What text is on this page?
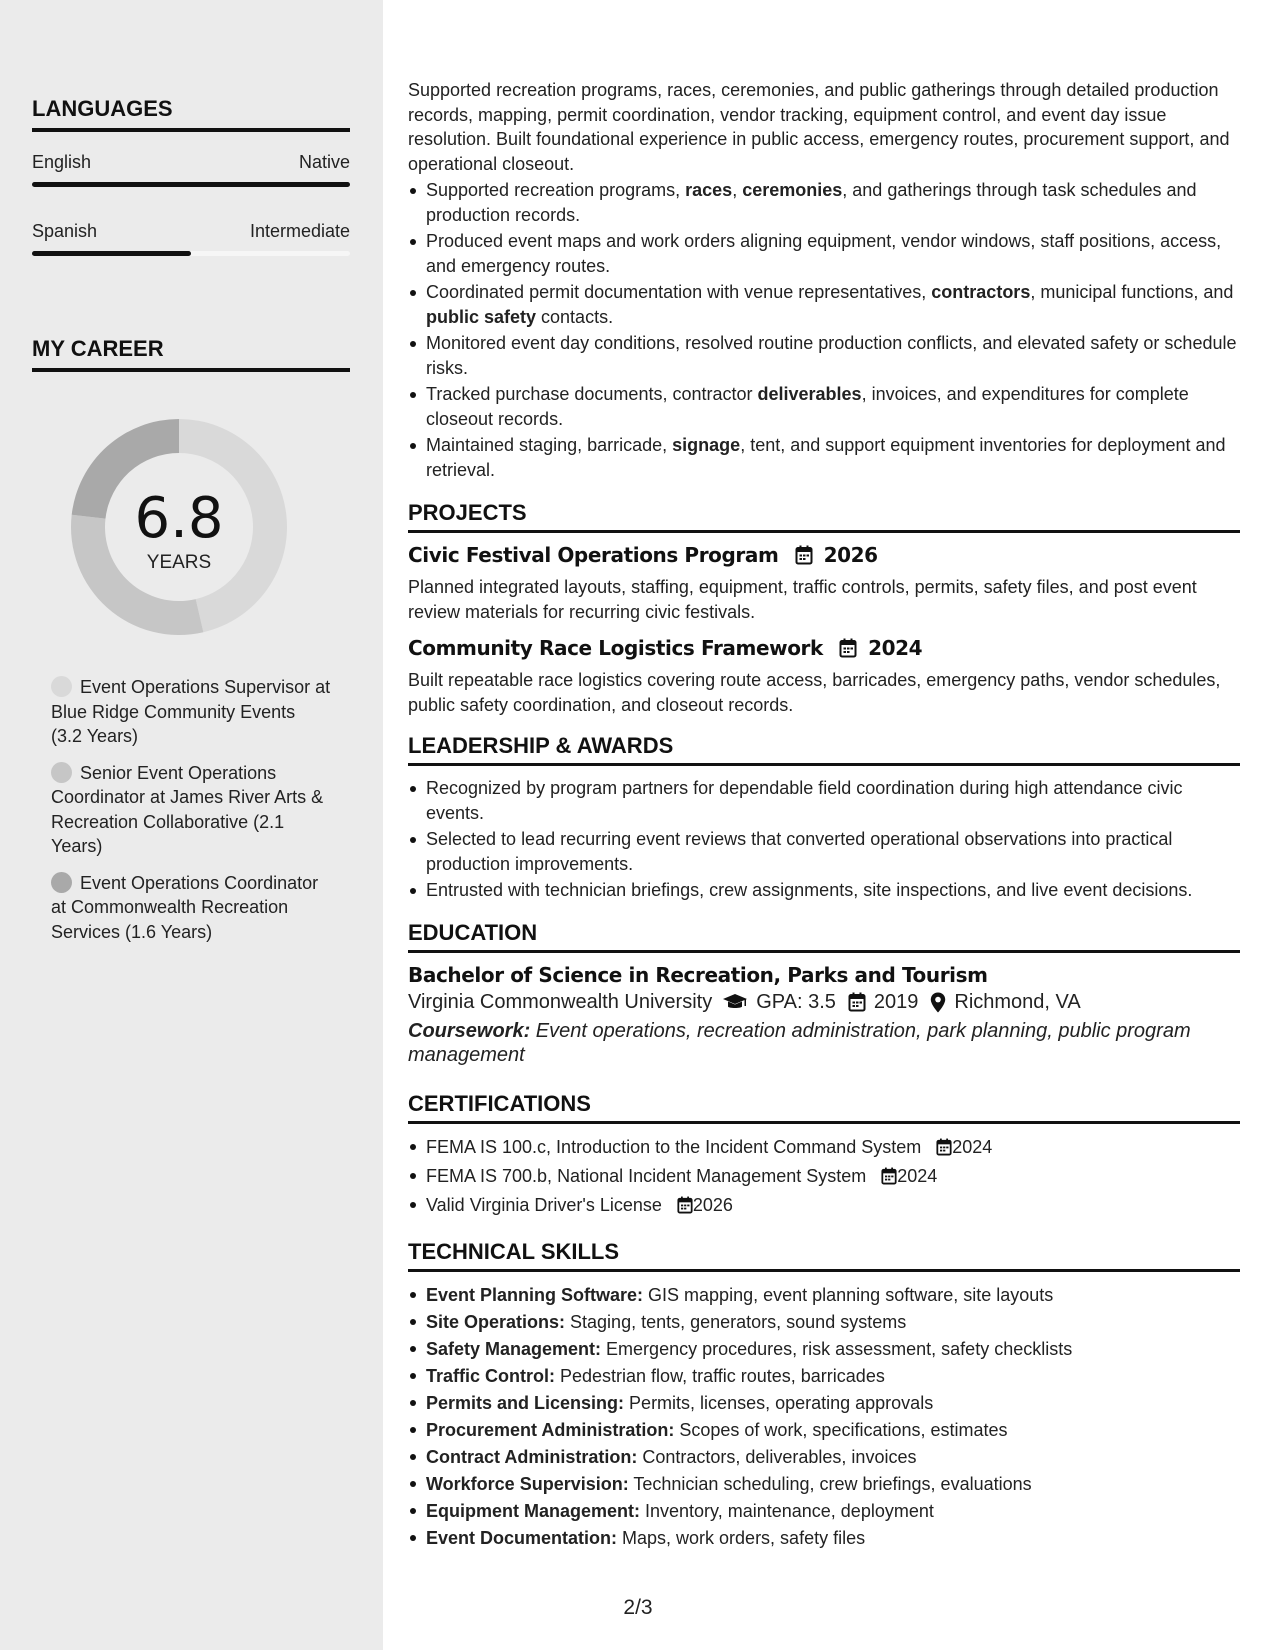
LANGUAGES
English	Native
Spanish	Intermediate
MY CAREER
6.8
YEARS
Event Operations Supervisor at Blue Ridge Community Events (3.2 Years)
Senior Event Operations Coordinator at James River Arts & Recreation Collaborative (2.1 Years)
Event Operations Coordinator at Commonwealth Recreation Services (1.6 Years)

Supported recreation programs, races, ceremonies, and public gatherings through detailed production records, mapping, permit coordination, vendor tracking, equipment control, and event day issue resolution. Built foundational experience in public access, emergency routes, procurement support, and operational closeout.

Supported recreation programs, races, ceremonies, and gatherings through task schedules and production records.
Produced event maps and work orders aligning equipment, vendor windows, staff positions, access, and emergency routes.
Coordinated permit documentation with venue representatives, contractors, municipal functions, and public safety contacts.
Monitored event day conditions, resolved routine production conflicts, and elevated safety or schedule risks.
Tracked purchase documents, contractor deliverables, invoices, and expenditures for complete closeout records.
Maintained staging, barricade, signage, tent, and support equipment inventories for deployment and retrieval.
PROJECTS
Civic Festival Operations Program 2026

Planned integrated layouts, staffing, equipment, traffic controls, permits, safety files, and post event review materials for recurring civic festivals.

Community Race Logistics Framework 2024

Built repeatable race logistics covering route access, barricades, emergency paths, vendor schedules, public safety coordination, and closeout records.

LEADERSHIP & AWARDS
Recognized by program partners for dependable field coordination during high attendance civic events.
Selected to lead recurring event reviews that converted operational observations into practical production improvements.
Entrusted with technician briefings, crew assignments, site inspections, and live event decisions.
EDUCATION
Bachelor of Science in Recreation, Parks and Tourism
Virginia Commonwealth University GPA: 3.5 2019 Richmond, VA
Coursework: Event operations, recreation administration, park planning, public program management
CERTIFICATIONS
FEMA IS 100.c, Introduction to the Incident Command System 2024
FEMA IS 700.b, National Incident Management System 2024
Valid Virginia Driver's License 2026
TECHNICAL SKILLS
Event Planning Software: GIS mapping, event planning software, site layouts
Site Operations: Staging, tents, generators, sound systems
Safety Management: Emergency procedures, risk assessment, safety checklists
Traffic Control: Pedestrian flow, traffic routes, barricades
Permits and Licensing: Permits, licenses, operating approvals
Procurement Administration: Scopes of work, specifications, estimates
Contract Administration: Contractors, deliverables, invoices
Workforce Supervision: Technician scheduling, crew briefings, evaluations
Equipment Management: Inventory, maintenance, deployment
Event Documentation: Maps, work orders, safety files
2/3
